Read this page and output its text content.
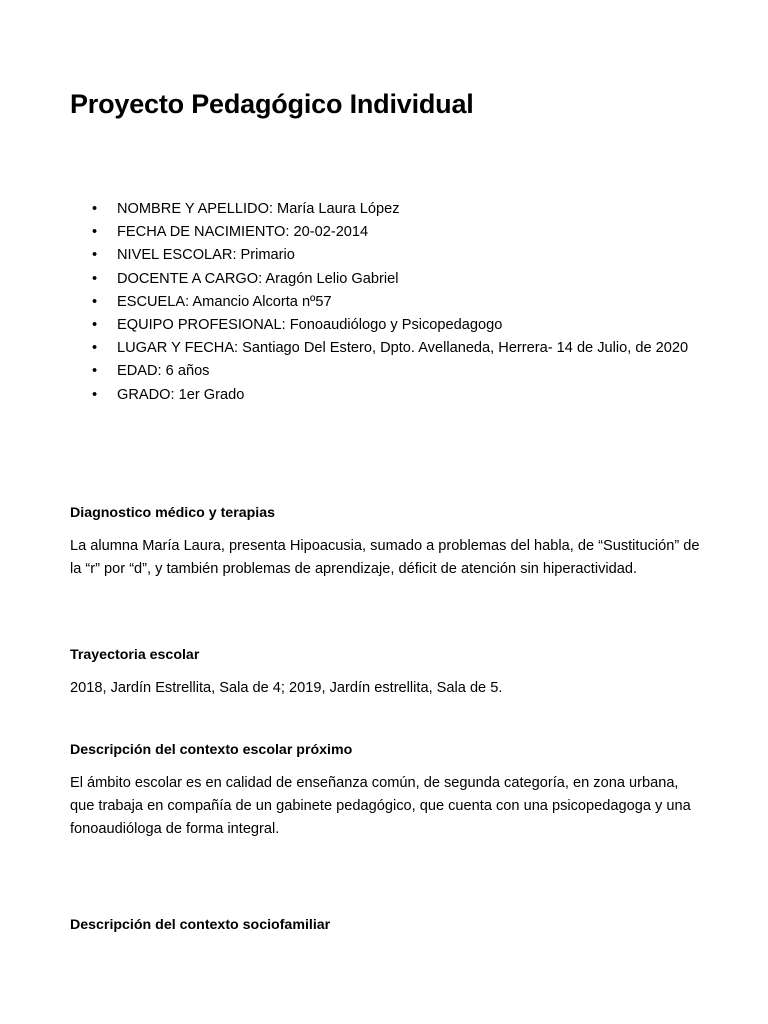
Proyecto Pedagógico Individual
• NOMBRE Y APELLIDO: María Laura López
• FECHA DE NACIMIENTO: 20-02-2014
• NIVEL ESCOLAR: Primario
• DOCENTE A CARGO: Aragón Lelio Gabriel
• ESCUELA: Amancio Alcorta nº57
• EQUIPO PROFESIONAL: Fonoaudiólogo y Psicopedagogo
• LUGAR Y FECHA: Santiago Del Estero, Dpto. Avellaneda, Herrera- 14 de Julio, de 2020
• EDAD: 6 años
• GRADO: 1er Grado
Diagnostico médico y terapias

La alumna María Laura, presenta Hipoacusia, sumado a problemas del habla, de “Sustitución” de la “r” por “d”, y también problemas de aprendizaje, déficit de atención sin hiperactividad.

Trayectoria escolar

2018, Jardín Estrellita, Sala de 4; 2019, Jardín estrellita, Sala de 5.

Descripción del contexto escolar próximo

El ámbito escolar es en calidad de enseñanza común, de segunda categoría, en zona urbana, que trabaja en compañía de un gabinete pedagógico, que cuenta con una psicopedagoga y una fonoaudióloga de forma integral.

Descripción del contexto sociofamiliar
